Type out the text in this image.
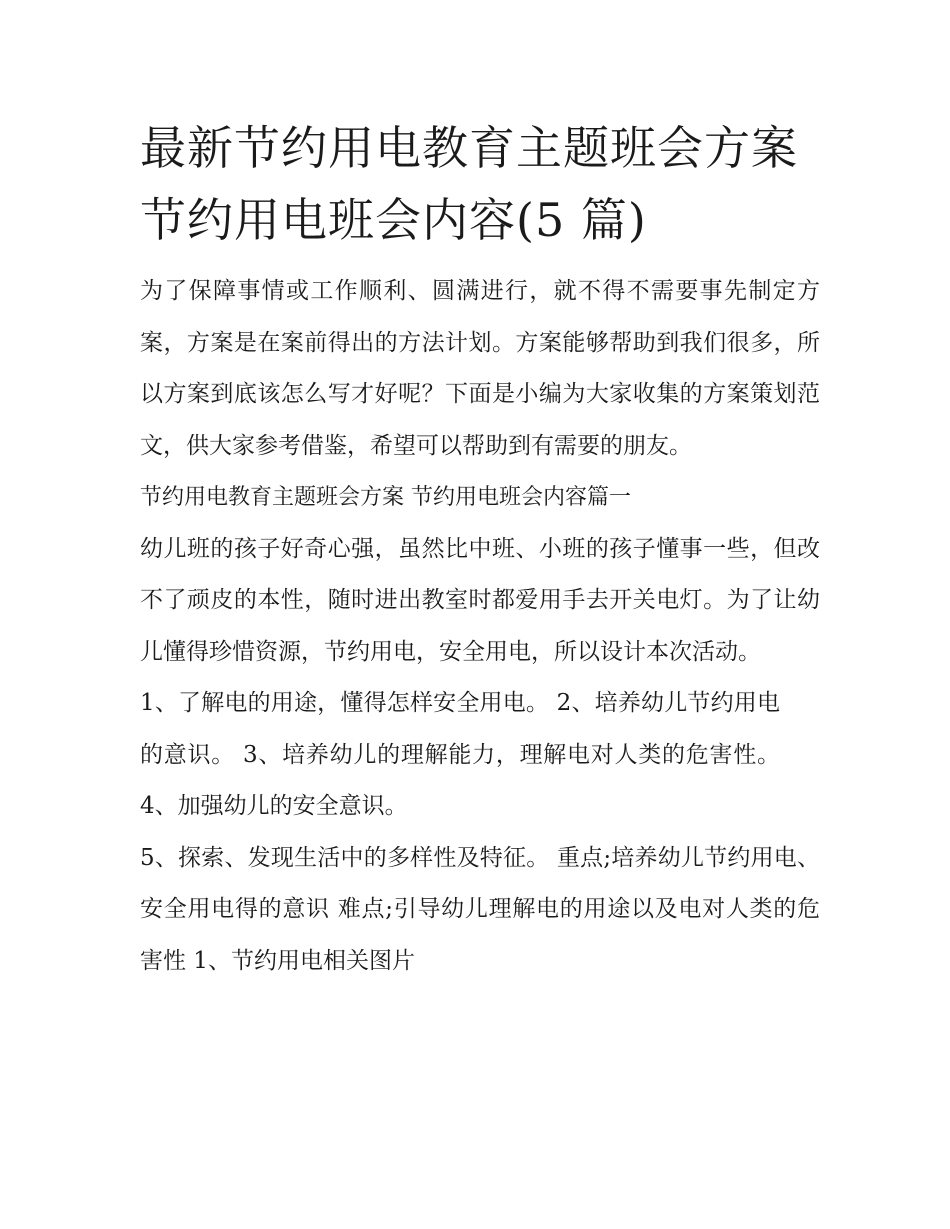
最新节约用电教育主题班会方案 节约用电班会内容(5 篇)

为了保障事情或工作顺利、圆满进行，就不得不需要事先制定方案，方案是在案前得出的方法计划。方案能够帮助到我们很多，所以方案到底该怎么写才好呢？下面是小编为大家收集的方案策划范文，供大家参考借鉴，希望可以帮助到有需要的朋友。

节约用电教育主题班会方案 节约用电班会内容篇一

幼儿班的孩子好奇心强，虽然比中班、小班的孩子懂事一些，但改不了顽皮的本性，随时进出教室时都爱用手去开关电灯。为了让幼儿懂得珍惜资源，节约用电，安全用电，所以设计本次活动。

1、了解电的用途，懂得怎样安全用电。 2、培养幼儿节约用电的意识。 3、培养幼儿的理解能力，理解电对人类的危害性。 4、加强幼儿的安全意识。

5、探索、发现生活中的多样性及特征。 重点;培养幼儿节约用电、安全用电得的意识 难点;引导幼儿理解电的用途以及电对人类的危害性 1、节约用电相关图片
